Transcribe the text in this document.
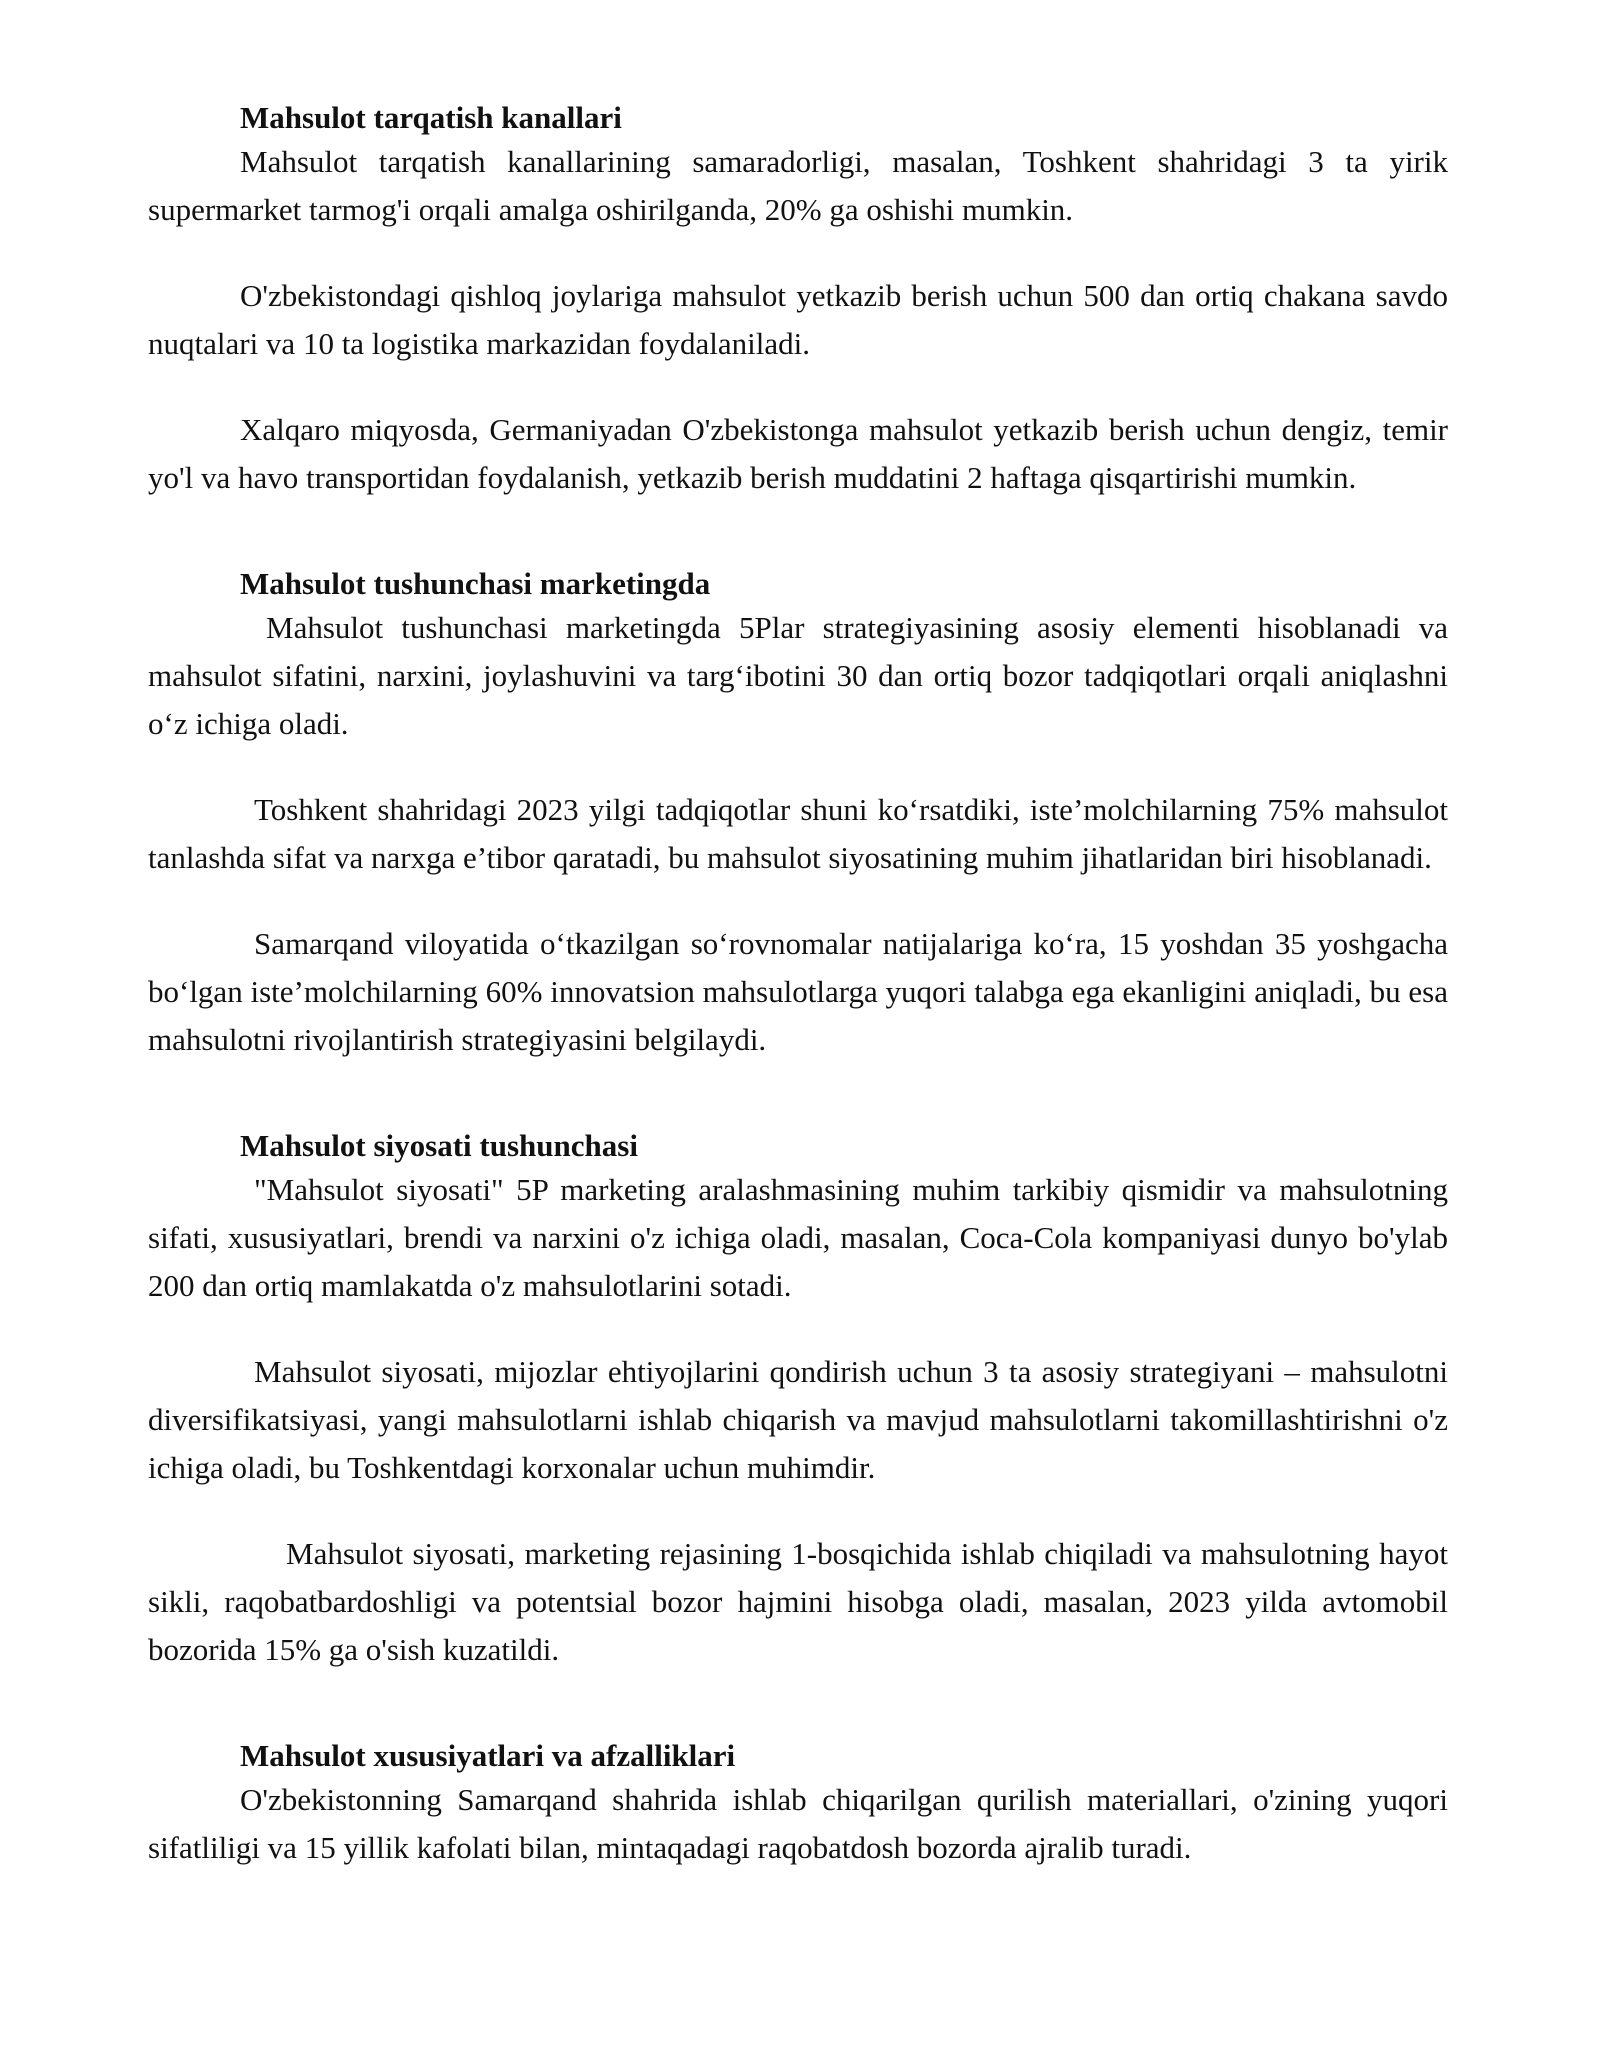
Mahsulot tarqatish kanallari

Mahsulot tarqatish kanallarining samaradorligi, masalan, Toshkent shahridagi 3 ta yirik supermarket tarmog'i orqali amalga oshirilganda, 20% ga oshishi mumkin.

O'zbekistondagi qishloq joylariga mahsulot yetkazib berish uchun 500 dan ortiq chakana savdo nuqtalari va 10 ta logistika markazidan foydalaniladi.

Xalqaro miqyosda, Germaniyadan O'zbekistonga mahsulot yetkazib berish uchun dengiz, temir yo'l va havo transportidan foydalanish, yetkazib berish muddatini 2 haftaga qisqartirishi mumkin.

Mahsulot tushunchasi marketingda

Mahsulot tushunchasi marketingda 5Plar strategiyasining asosiy elementi hisoblanadi va mahsulot sifatini, narxini, joylashuvini va targ‘ibotini 30 dan ortiq bozor tadqiqotlari orqali aniqlashni o‘z ichiga oladi.

Toshkent shahridagi 2023 yilgi tadqiqotlar shuni ko‘rsatdiki, iste’molchilarning 75% mahsulot tanlashda sifat va narxga e’tibor qaratadi, bu mahsulot siyosatining muhim jihatlaridan biri hisoblanadi.

Samarqand viloyatida o‘tkazilgan so‘rovnomalar natijalariga ko‘ra, 15 yoshdan 35 yoshgacha bo‘lgan iste’molchilarning 60% innovatsion mahsulotlarga yuqori talabga ega ekanligini aniqladi, bu esa mahsulotni rivojlantirish strategiyasini belgilaydi.

Mahsulot siyosati tushunchasi

"Mahsulot siyosati" 5P marketing aralashmasining muhim tarkibiy qismidir va mahsulotning sifati, xususiyatlari, brendi va narxini o'z ichiga oladi, masalan, Coca-Cola kompaniyasi dunyo bo'ylab 200 dan ortiq mamlakatda o'z mahsulotlarini sotadi.

Mahsulot siyosati, mijozlar ehtiyojlarini qondirish uchun 3 ta asosiy strategiyani – mahsulotni diversifikatsiyasi, yangi mahsulotlarni ishlab chiqarish va mavjud mahsulotlarni takomillashtirishni o'z ichiga oladi, bu Toshkentdagi korxonalar uchun muhimdir.

Mahsulot siyosati, marketing rejasining 1-bosqichida ishlab chiqiladi va mahsulotning hayot sikli, raqobatbardoshligi va potentsial bozor hajmini hisobga oladi, masalan, 2023 yilda avtomobil bozorida 15% ga o'sish kuzatildi.

Mahsulot xususiyatlari va afzalliklari

O'zbekistonning Samarqand shahrida ishlab chiqarilgan qurilish materiallari, o'zining yuqori sifatliligi va 15 yillik kafolati bilan, mintaqadagi raqobatdosh bozorda ajralib turadi.
